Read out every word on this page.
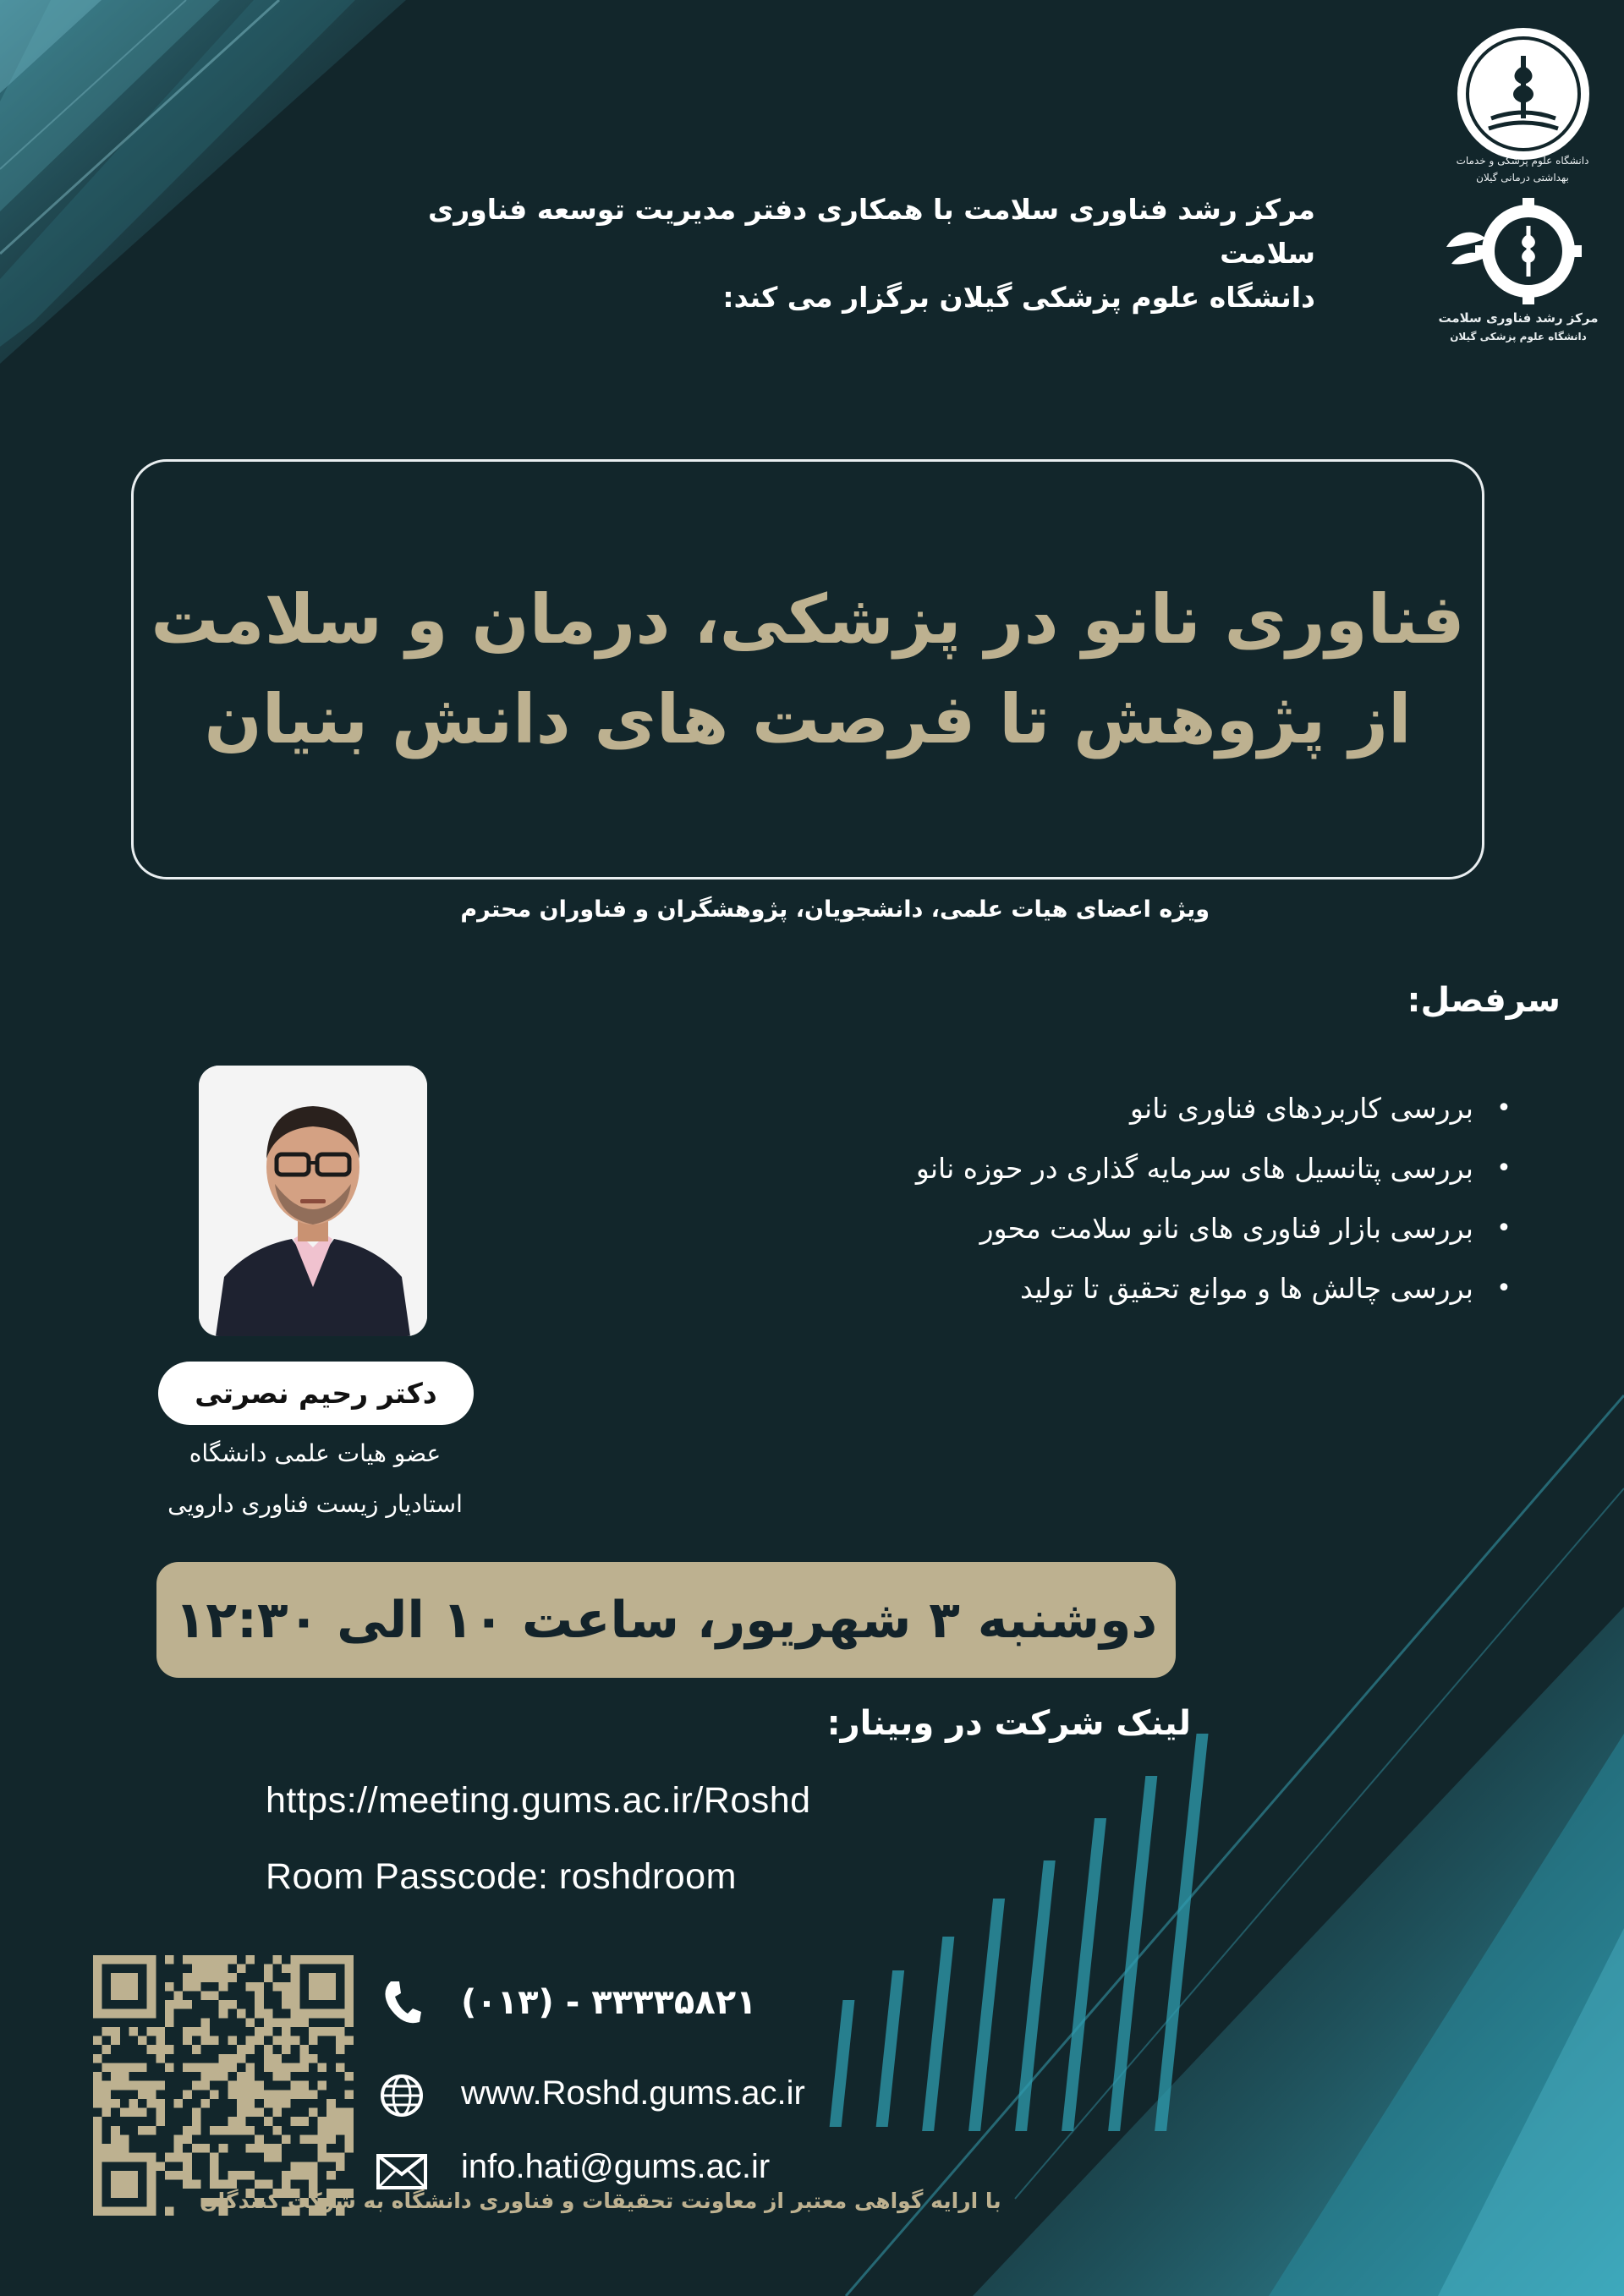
دانشگاه علوم پزشکی و خدمات بهداشتی درمانی گیلان
مرکز رشد فناوری سلامت
دانشگاه علوم پزشکی گیلان
مرکز رشد فناوری سلامت با همکاری دفتر مدیریت توسعه فناوری سلامت
دانشگاه علوم پزشکی گیلان برگزار می کند:
فناوری نانو در پزشکی، درمان و سلامت
از پژوهش تا فرصت های دانش بنیان
ویژه اعضای هیات علمی، دانشجویان، پژوهشگران و فناوران محترم
سرفصل:
•
بررسی کاربردهای فناوری نانو
•
بررسی پتانسیل های سرمایه گذاری در حوزه نانو
•
بررسی بازار فناوری های نانو سلامت محور
•
بررسی چالش ها و موانع تحقیق تا تولید
دکتر رحیم نصرتی
عضو هیات علمی دانشگاه
استادیار زیست فناوری دارویی
دوشنبه ۳ شهریور، ساعت ۱۰ الی ۱۲:۳۰
لینک شرکت در وبینار:
https://meeting.gums.ac.ir/Roshd
Room Passcode: roshdroom
(۰۱۳) - ۳۳۳۳۵۸۲۱
www.Roshd.gums.ac.ir
info.hati@gums.ac.ir
با ارایه گواهی معتبر از معاونت تحقیقات و فناوری دانشگاه به شرکت کنندگان
